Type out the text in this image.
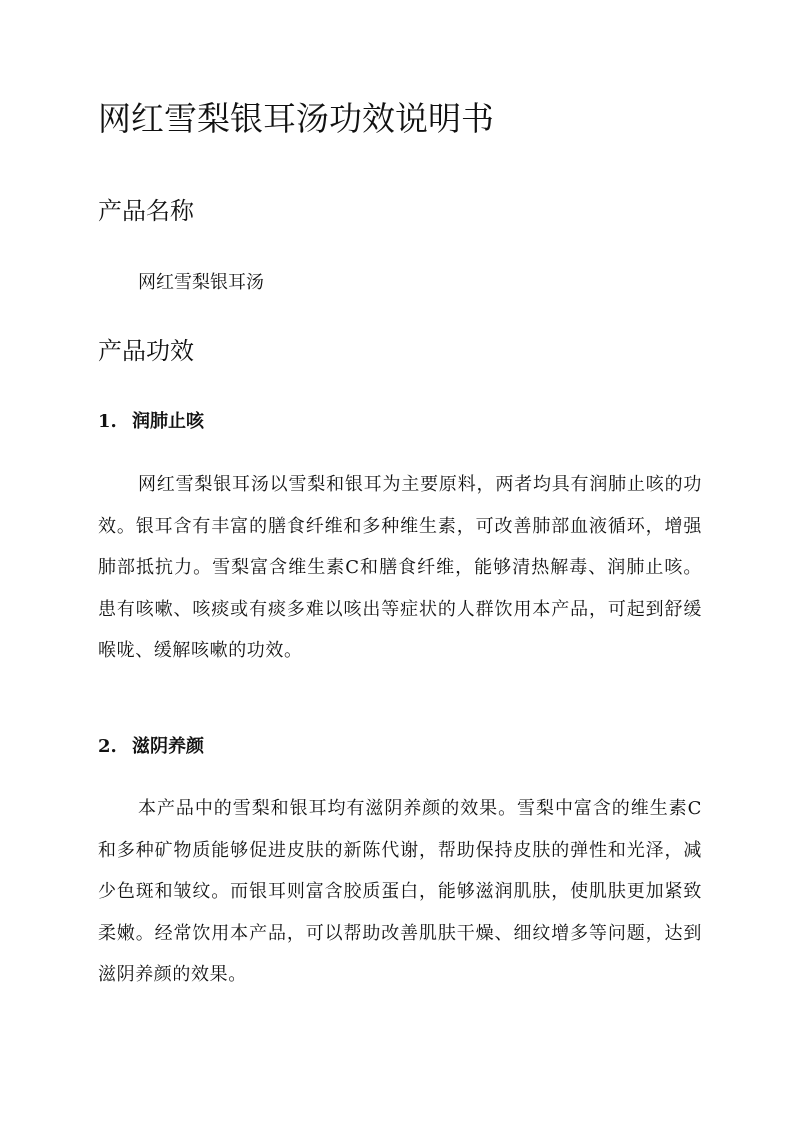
网红雪梨银耳汤功效说明书
产品名称

网红雪梨银耳汤

产品功效
1. 润肺止咳

网红雪梨银耳汤以雪梨和银耳为主要原料，两者均具有润肺止咳的功效。银耳含有丰富的膳食纤维和多种维生素，可改善肺部血液循环，增强肺部抵抗力。雪梨富含维生素C和膳食纤维，能够清热解毒、润肺止咳。患有咳嗽、咳痰或有痰多难以咳出等症状的人群饮用本产品，可起到舒缓喉咙、缓解咳嗽的功效。

2. 滋阴养颜

本产品中的雪梨和银耳均有滋阴养颜的效果。雪梨中富含的维生素C和多种矿物质能够促进皮肤的新陈代谢，帮助保持皮肤的弹性和光泽，减少色斑和皱纹。而银耳则富含胶质蛋白，能够滋润肌肤，使肌肤更加紧致柔嫩。经常饮用本产品，可以帮助改善肌肤干燥、细纹增多等问题，达到滋阴养颜的效果。
